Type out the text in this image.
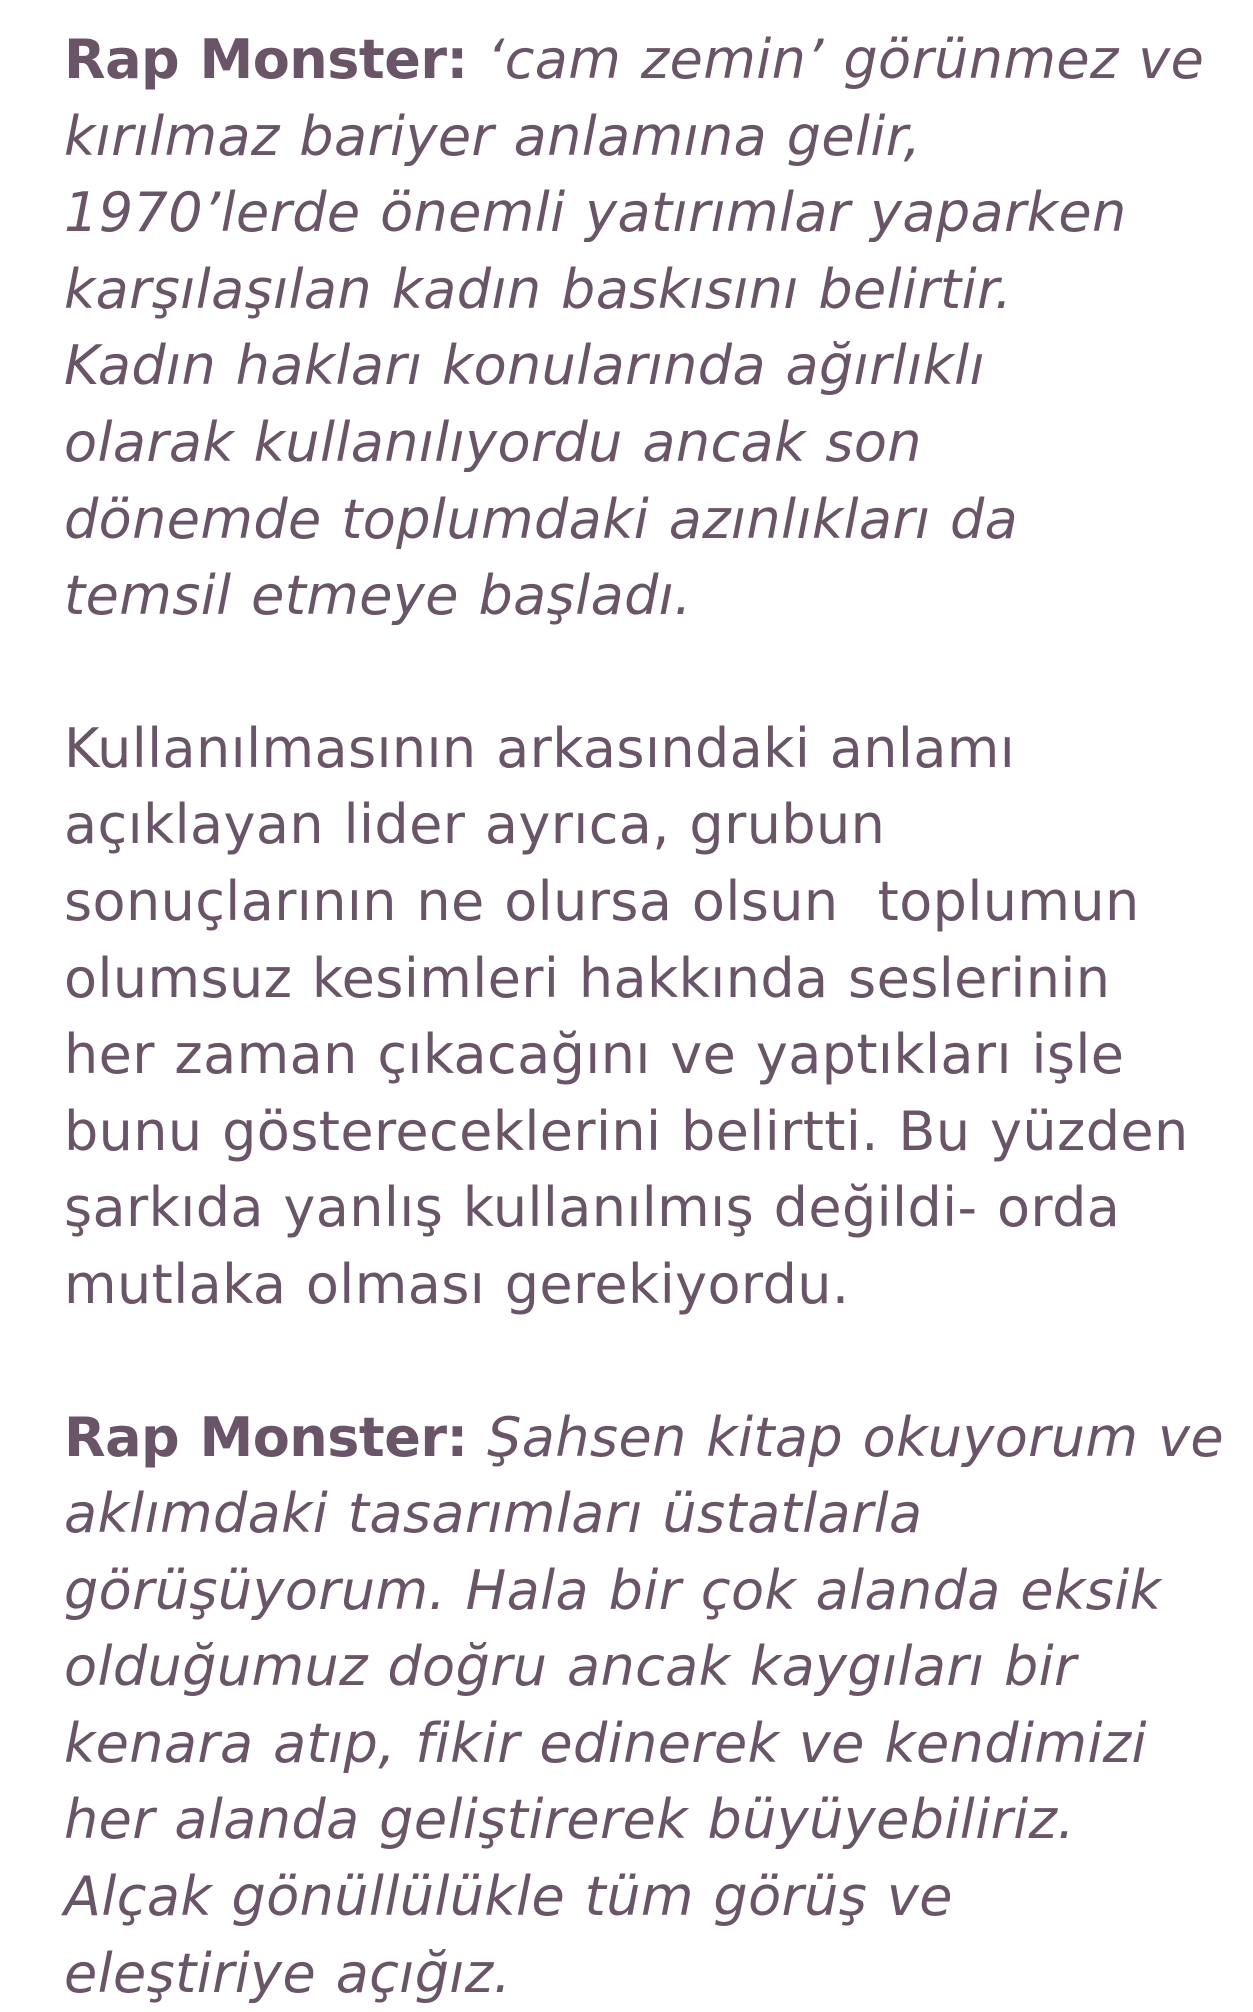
Rap Monster: ‘cam zemin’ görünmez ve
kırılmaz bariyer anlamına gelir,
1970’lerde önemli yatırımlar yaparken
karşılaşılan kadın baskısını belirtir.
Kadın hakları konularında ağırlıklı
olarak kullanılıyordu ancak son
dönemde toplumdaki azınlıkları da
temsil etmeye başladı.

Kullanılmasının arkasındaki anlamı
açıklayan lider ayrıca, grubun
sonuçlarının ne olursa olsun  toplumun
olumsuz kesimleri hakkında seslerinin
her zaman çıkacağını ve yaptıkları işle
bunu göstereceklerini belirtti. Bu yüzden
şarkıda yanlış kullanılmış değildi- orda
mutlaka olması gerekiyordu.

Rap Monster: Şahsen kitap okuyorum ve
aklımdaki tasarımları üstatlarla
görüşüyorum. Hala bir çok alanda eksik
olduğumuz doğru ancak kaygıları bir
kenara atıp, fikir edinerek ve kendimizi
her alanda geliştirerek büyüyebiliriz.
Alçak gönüllülükle tüm görüş ve
eleştiriye açığız.
